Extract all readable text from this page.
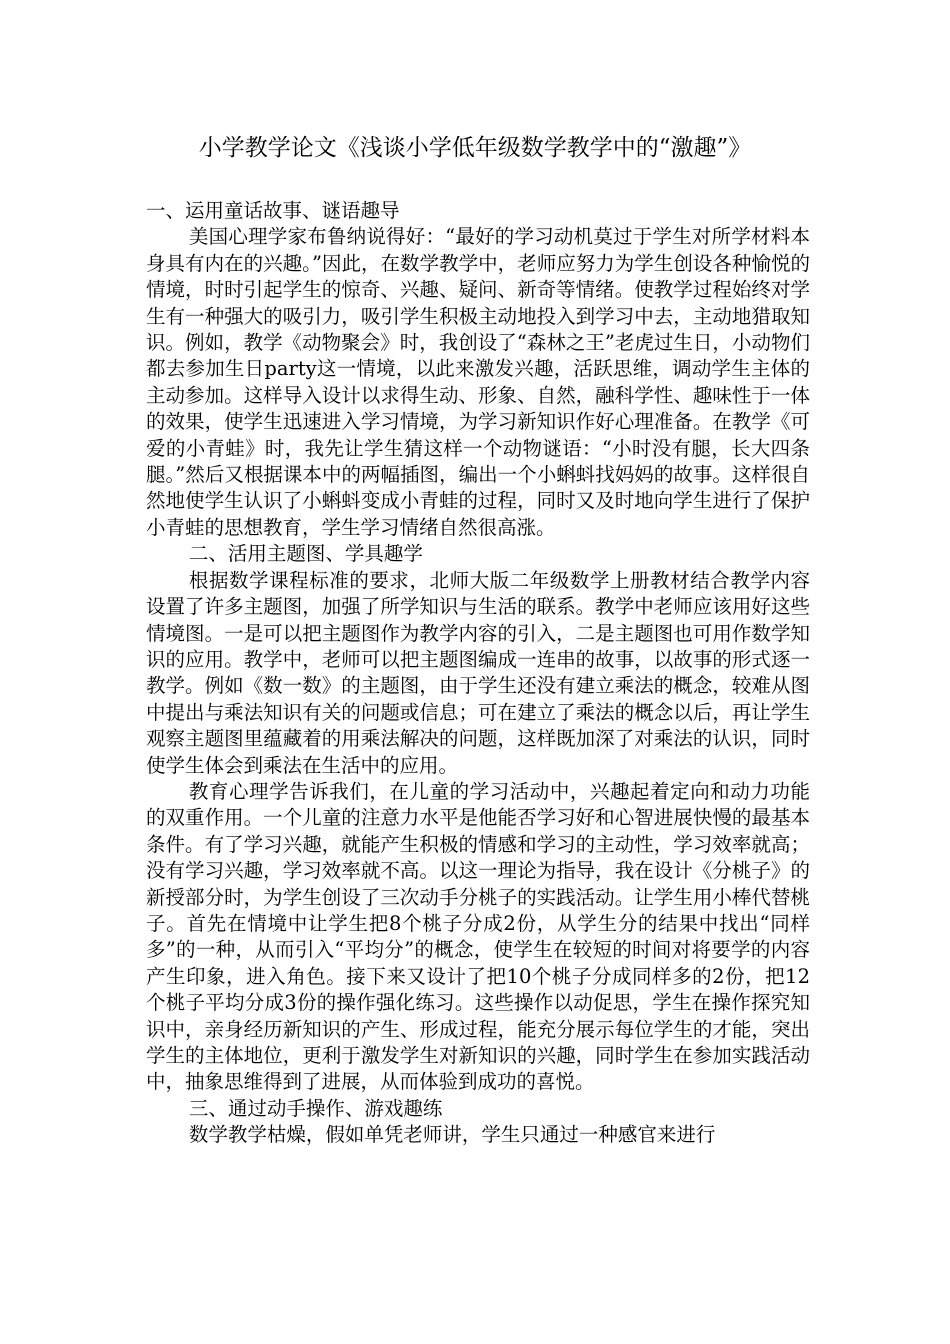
小学教学论文《浅谈小学低年级数学教学中的“激趣”》

一、运用童话故事、谜语趣导

美国心理学家布鲁纳说得好：“最好的学习动机莫过于学生对所学材料本身具有内在的兴趣。”因此，在数学教学中，老师应努力为学生创设各种愉悦的情境，时时引起学生的惊奇、兴趣、疑问、新奇等情绪。使教学过程始终对学生有一种强大的吸引力，吸引学生积极主动地投入到学习中去，主动地猎取知识。例如，教学《动物聚会》时，我创设了“森林之王”老虎过生日，小动物们都去参加生日party这一情境，以此来激发兴趣，活跃思维，调动学生主体的主动参加。这样导入设计以求得生动、形象、自然，融科学性、趣味性于一体的效果，使学生迅速进入学习情境，为学习新知识作好心理准备。在教学《可爱的小青蛙》时，我先让学生猜这样一个动物谜语：“小时没有腿，长大四条腿。”然后又根据课本中的两幅插图，编出一个小蝌蚪找妈妈的故事。这样很自然地使学生认识了小蝌蚪变成小青蛙的过程，同时又及时地向学生进行了保护小青蛙的思想教育，学生学习情绪自然很高涨。

二、活用主题图、学具趣学

根据数学课程标准的要求，北师大版二年级数学上册教材结合教学内容设置了许多主题图，加强了所学知识与生活的联系。教学中老师应该用好这些情境图。一是可以把主题图作为教学内容的引入，二是主题图也可用作数学知识的应用。教学中，老师可以把主题图编成一连串的故事，以故事的形式逐一教学。例如《数一数》的主题图，由于学生还没有建立乘法的概念，较难从图中提出与乘法知识有关的问题或信息；可在建立了乘法的概念以后，再让学生观察主题图里蕴藏着的用乘法解决的问题，这样既加深了对乘法的认识，同时使学生体会到乘法在生活中的应用。

教育心理学告诉我们，在儿童的学习活动中，兴趣起着定向和动力功能的双重作用。一个儿童的注意力水平是他能否学习好和心智进展快慢的最基本条件。有了学习兴趣，就能产生积极的情感和学习的主动性，学习效率就高；没有学习兴趣，学习效率就不高。以这一理论为指导，我在设计《分桃子》的新授部分时，为学生创设了三次动手分桃子的实践活动。让学生用小棒代替桃子。首先在情境中让学生把8个桃子分成2份，从学生分的结果中找出“同样多”的一种，从而引入“平均分”的概念，使学生在较短的时间对将要学的内容产生印象，进入角色。接下来又设计了把10个桃子分成同样多的2份，把12个桃子平均分成3份的操作强化练习。这些操作以动促思，学生在操作探究知识中，亲身经历新知识的产生、形成过程，能充分展示每位学生的才能，突出学生的主体地位，更利于激发学生对新知识的兴趣，同时学生在参加实践活动中，抽象思维得到了进展，从而体验到成功的喜悦。

三、通过动手操作、游戏趣练

数学教学枯燥，假如单凭老师讲，学生只通过一种感官来进行
